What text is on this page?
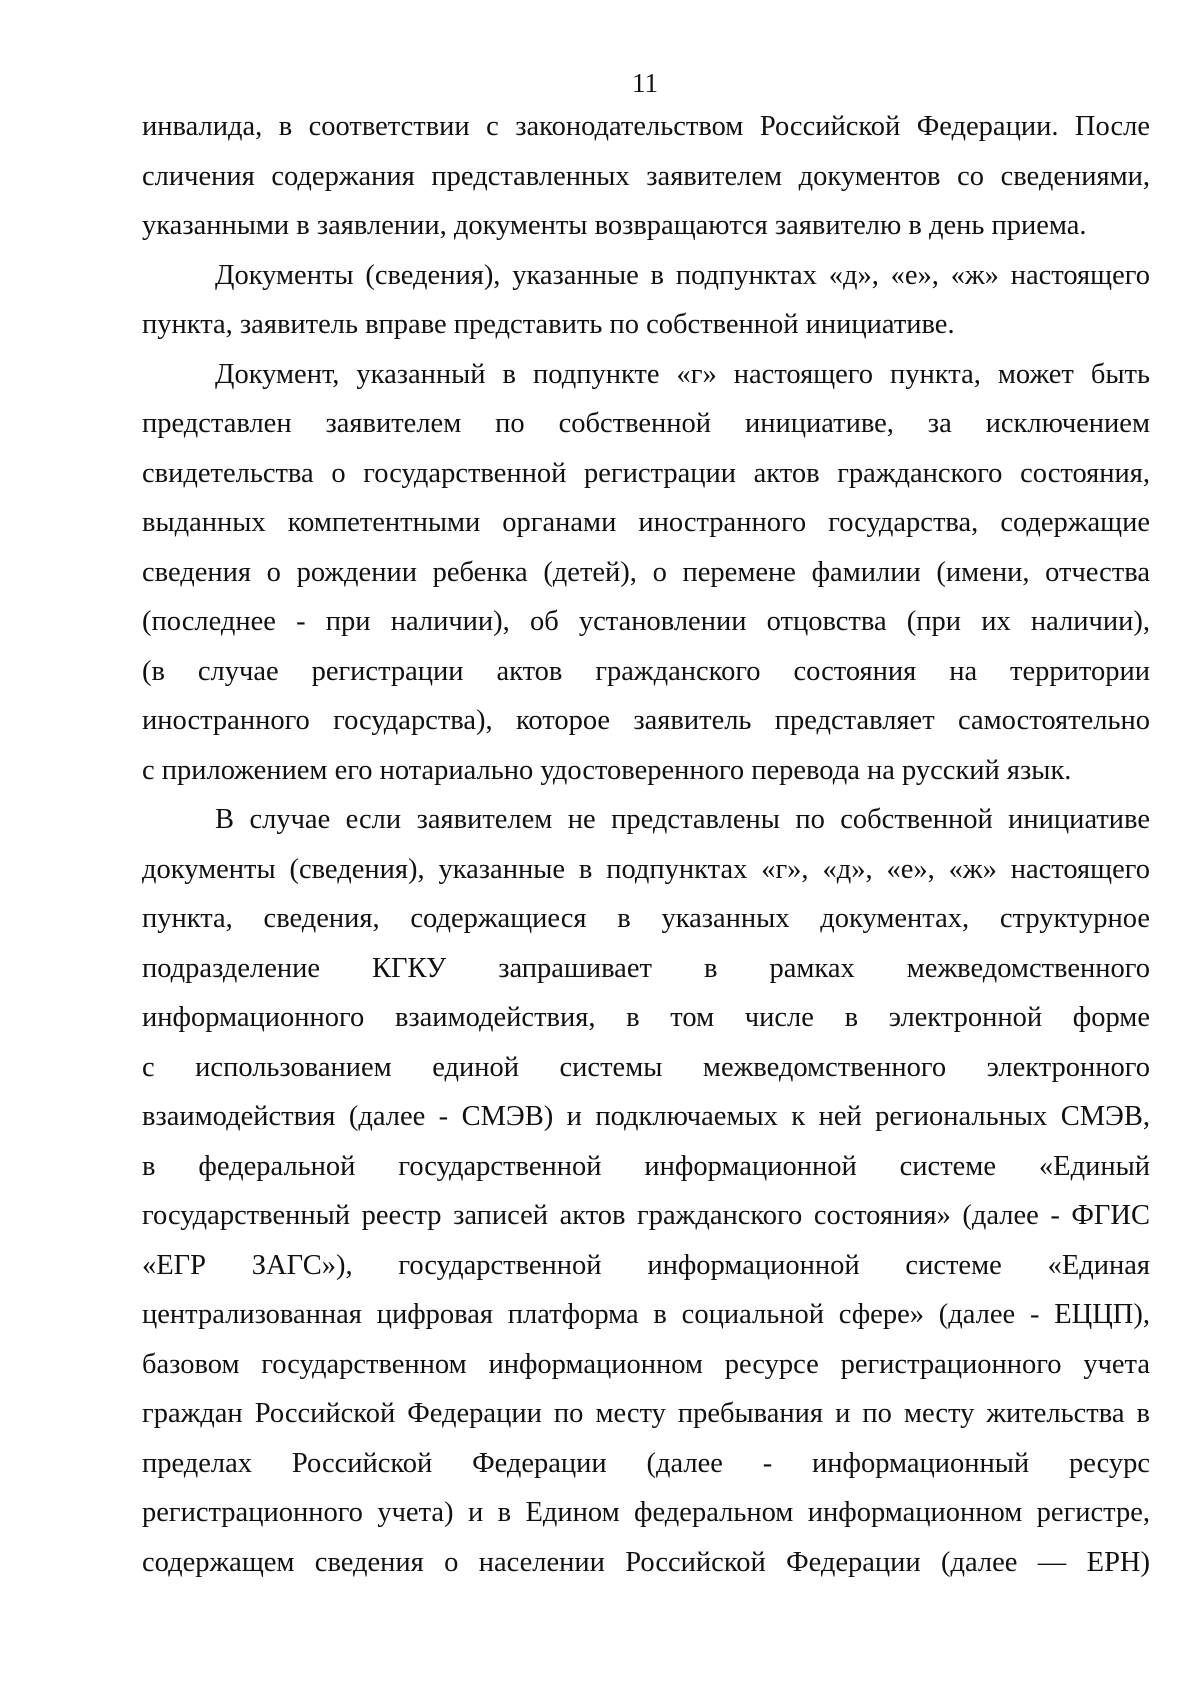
11
инвалида, в соответствии с законодательством Российской Федерации. После
сличения содержания представленных заявителем документов со сведениями,
указанными в заявлении, документы возвращаются заявителю в день приема.
Документы (сведения), указанные в подпунктах «д», «е», «ж» настоящего
пункта, заявитель вправе представить по собственной инициативе.
Документ, указанный в подпункте «г» настоящего пункта, может быть
представлен заявителем по собственной инициативе, за исключением
свидетельства о государственной регистрации актов гражданского состояния,
выданных компетентными органами иностранного государства, содержащие
сведения о рождении ребенка (детей), о перемене фамилии (имени, отчества
(последнее - при наличии), об установлении отцовства (при их наличии),
(в случае регистрации актов гражданского состояния на территории
иностранного государства), которое заявитель представляет самостоятельно
с приложением его нотариально удостоверенного перевода на русский язык.
В случае если заявителем не представлены по собственной инициативе
документы (сведения), указанные в подпунктах «г», «д», «е», «ж» настоящего
пункта, сведения, содержащиеся в указанных документах, структурное
подразделение КГКУ запрашивает в рамках межведомственного
информационного взаимодействия, в том числе в электронной форме
с использованием единой системы межведомственного электронного
взаимодействия (далее - СМЭВ) и подключаемых к ней региональных СМЭВ,
в федеральной государственной информационной системе «Единый
государственный реестр записей актов гражданского состояния» (далее - ФГИС
«ЕГР ЗАГС»), государственной информационной системе «Единая
централизованная цифровая платформа в социальной сфере» (далее - ЕЦЦП),
базовом государственном информационном ресурсе регистрационного учета
граждан Российской Федерации по месту пребывания и по месту жительства в
пределах Российской Федерации (далее - информационный ресурс
регистрационного учета) и в Едином федеральном информационном регистре,
содержащем сведения о населении Российской Федерации (далее — ЕРН)
